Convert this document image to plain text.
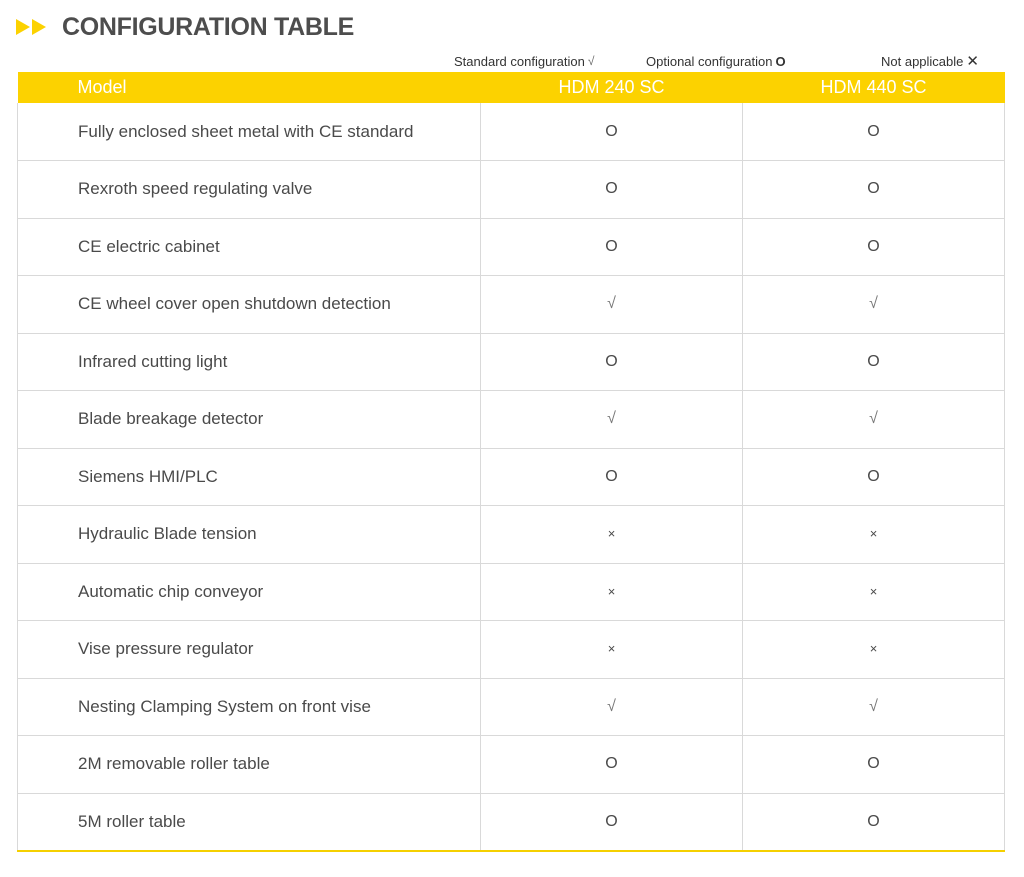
CONFIGURATION TABLE
Standard configuration √	Optional configuration O	Not applicable ✕
Model	HDM 240 SC	HDM 440 SC
Fully enclosed sheet metal with CE standard	O	O
Rexroth speed regulating valve	O	O
CE electric cabinet	O	O
CE wheel cover open shutdown detection	√	√
Infrared cutting light	O	O
Blade breakage detector	√	√
Siemens HMI/PLC	O	O
Hydraulic Blade tension	×	×
Automatic chip conveyor	×	×
Vise pressure regulator	×	×
Nesting Clamping System on front vise	√	√
2M removable roller table	O	O
5M roller table	O	O
